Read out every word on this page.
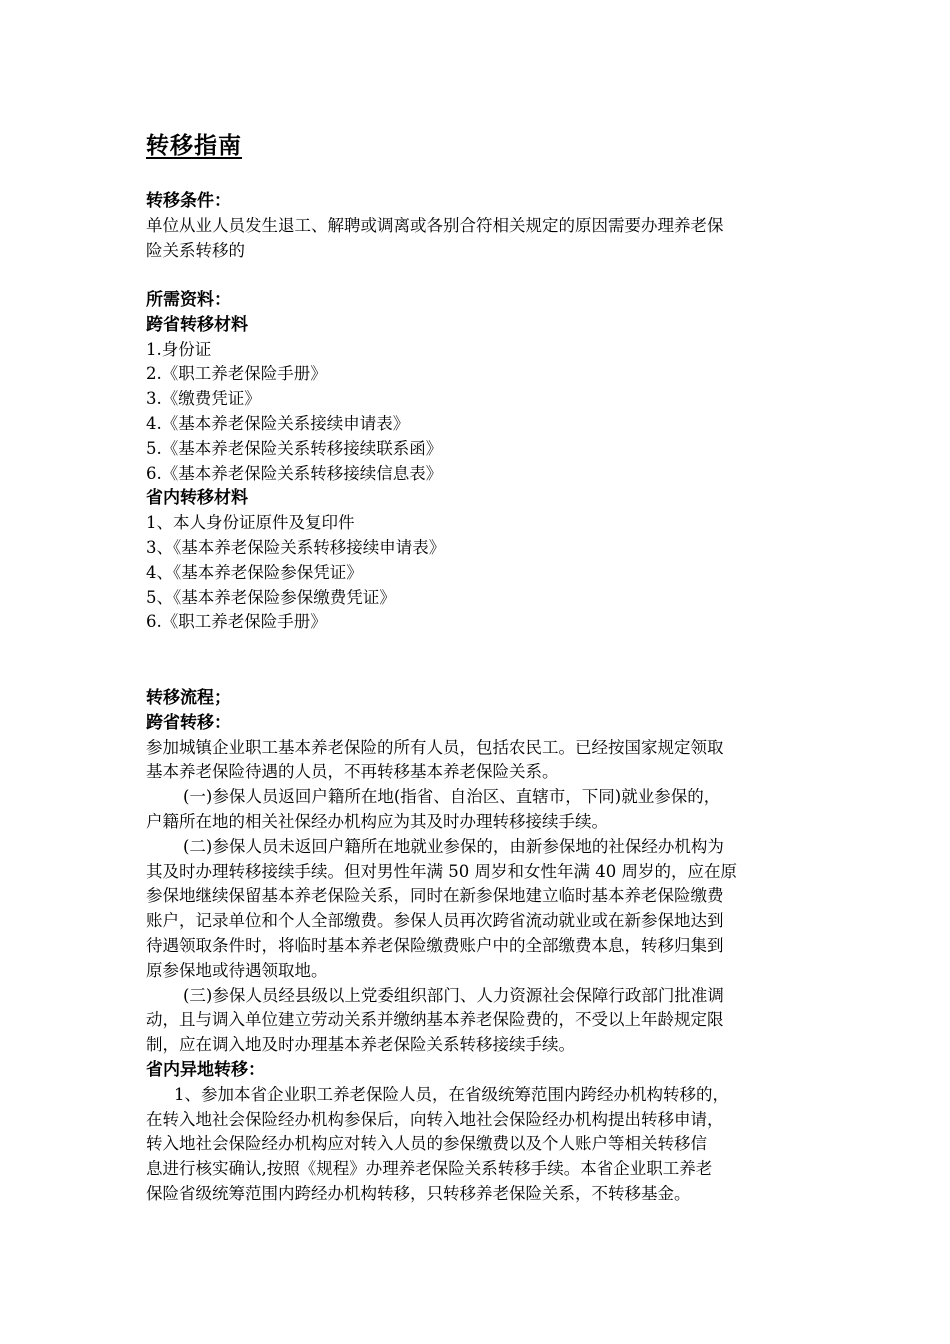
转移指南
转移条件：
单位从业人员发生退工、解聘或调离或各别合符相关规定的原因需要办理养老保
险关系转移的
所需资料：
跨省转移材料
1.身份证
2.《职工养老保险手册》
3.《缴费凭证》
4.《基本养老保险关系接续申请表》
5.《基本养老保险关系转移接续联系函》
6.《基本养老保险关系转移接续信息表》
省内转移材料
1、本人身份证原件及复印件
3、《基本养老保险关系转移接续申请表》
4、《基本养老保险参保凭证》
5、《基本养老保险参保缴费凭证》
6.《职工养老保险手册》
转移流程；
跨省转移：
参加城镇企业职工基本养老保险的所有人员，包括农民工。已经按国家规定领取
基本养老保险待遇的人员，不再转移基本养老保险关系。
(一)参保人员返回户籍所在地(指省、自治区、直辖市，下同)就业参保的，
户籍所在地的相关社保经办机构应为其及时办理转移接续手续。
(二)参保人员未返回户籍所在地就业参保的，由新参保地的社保经办机构为
其及时办理转移接续手续。但对男性年满 50 周岁和女性年满 40 周岁的，应在原
参保地继续保留基本养老保险关系，同时在新参保地建立临时基本养老保险缴费
账户，记录单位和个人全部缴费。参保人员再次跨省流动就业或在新参保地达到
待遇领取条件时，将临时基本养老保险缴费账户中的全部缴费本息，转移归集到
原参保地或待遇领取地。
(三)参保人员经县级以上党委组织部门、人力资源社会保障行政部门批准调
动，且与调入单位建立劳动关系并缴纳基本养老保险费的，不受以上年龄规定限
制，应在调入地及时办理基本养老保险关系转移接续手续。
省内异地转移：
1、参加本省企业职工养老保险人员，在省级统筹范围内跨经办机构转移的，
在转入地社会保险经办机构参保后，向转入地社会保险经办机构提出转移申请，
转入地社会保险经办机构应对转入人员的参保缴费以及个人账户等相关转移信
息进行核实确认,按照《规程》办理养老保险关系转移手续。本省企业职工养老
保险省级统筹范围内跨经办机构转移，只转移养老保险关系，不转移基金。
